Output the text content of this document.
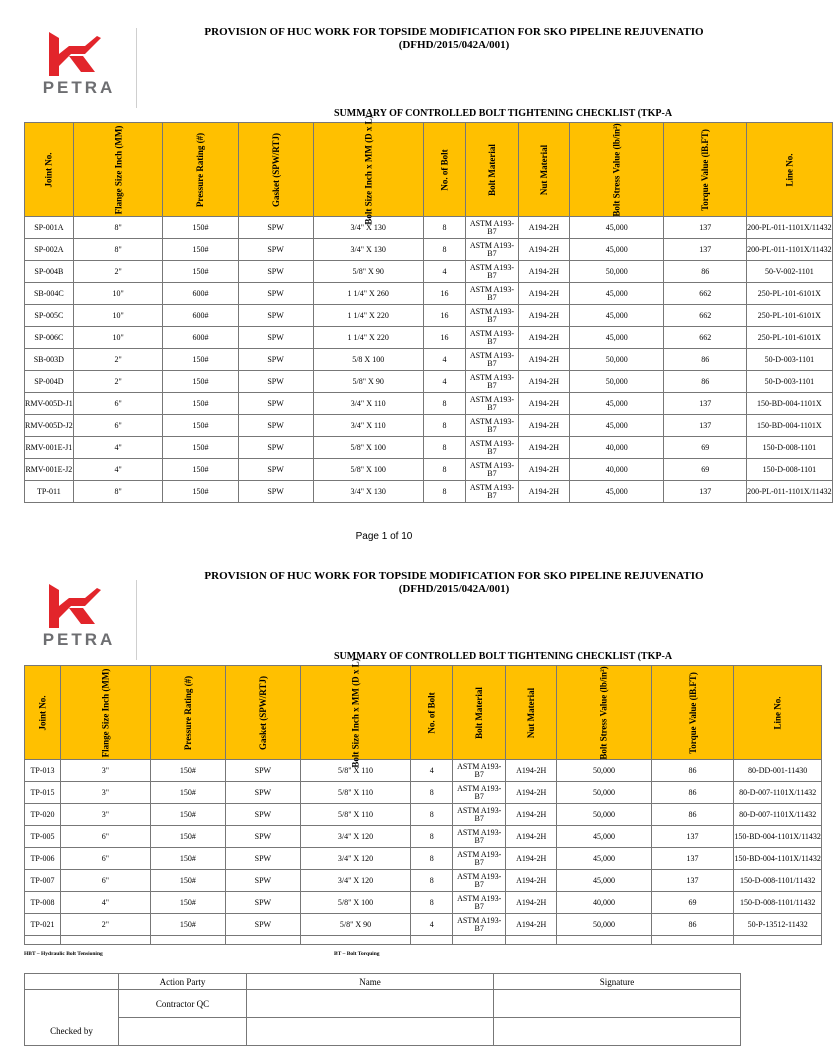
PETRA
PROVISION OF HUC WORK FOR TOPSIDE MODIFICATION FOR SKO PIPELINE REJUVENATIO
(DFHD/2015/042A/001)
SUMMARY OF CONTROLLED BOLT TIGHTENING CHECKLIST (TKP-A
Joint No.	Flange Size Inch (MM)	Pressure Rating (#)	Gasket (SPW/RTJ)	Bolt Size Inch x MM (D x L)	No. of Bolt	Bolt Material	Nut Material	Bolt Stress Value (lb/in²)	Torque Value (lB.FT)	Line No.
SP-001A	8"	150#	SPW	3/4" X 130	8	ASTM A193-B7	A194-2H	45,000	137	200-PL-011-1101X/11432
SP-002A	8"	150#	SPW	3/4" X 130	8	ASTM A193-B7	A194-2H	45,000	137	200-PL-011-1101X/11432
SP-004B	2"	150#	SPW	5/8" X 90	4	ASTM A193-B7	A194-2H	50,000	86	50-V-002-1101
SB-004C	10"	600#	SPW	1 1/4" X 260	16	ASTM A193-B7	A194-2H	45,000	662	250-PL-101-6101X
SP-005C	10"	600#	SPW	1 1/4" X 220	16	ASTM A193-B7	A194-2H	45,000	662	250-PL-101-6101X
SP-006C	10"	600#	SPW	1 1/4" X 220	16	ASTM A193-B7	A194-2H	45,000	662	250-PL-101-6101X
SB-003D	2"	150#	SPW	5/8 X 100	4	ASTM A193-B7	A194-2H	50,000	86	50-D-003-1101
SP-004D	2"	150#	SPW	5/8" X 90	4	ASTM A193-B7	A194-2H	50,000	86	50-D-003-1101
RMV-005D-J1	6"	150#	SPW	3/4" X 110	8	ASTM A193-B7	A194-2H	45,000	137	150-BD-004-1101X
RMV-005D-J2	6"	150#	SPW	3/4" X 110	8	ASTM A193-B7	A194-2H	45,000	137	150-BD-004-1101X
RMV-001E-J1	4"	150#	SPW	5/8" X 100	8	ASTM A193-B7	A194-2H	40,000	69	150-D-008-1101
RMV-001E-J2	4"	150#	SPW	5/8" X 100	8	ASTM A193-B7	A194-2H	40,000	69	150-D-008-1101
TP-011	8"	150#	SPW	3/4" X 130	8	ASTM A193-B7	A194-2H	45,000	137	200-PL-011-1101X/11432
Page 1 of 10
PETRA
PROVISION OF HUC WORK FOR TOPSIDE MODIFICATION FOR SKO PIPELINE REJUVENATIO
(DFHD/2015/042A/001)
SUMMARY OF CONTROLLED BOLT TIGHTENING CHECKLIST (TKP-A
Joint No.	Flange Size Inch (MM)	Pressure Rating (#)	Gasket (SPW/RTJ)	Bolt Size Inch x MM (D x L)	No. of Bolt	Bolt Material	Nut Material	Bolt Stress Value (lb/in²)	Torque Value (lB.FT)	Line No.
TP-013	3"	150#	SPW	5/8" X 110	4	ASTM A193-B7	A194-2H	50,000	86	80-DD-001-11430
TP-015	3"	150#	SPW	5/8" X 110	8	ASTM A193-B7	A194-2H	50,000	86	80-D-007-1101X/11432
TP-020	3"	150#	SPW	5/8" X 110	8	ASTM A193-B7	A194-2H	50,000	86	80-D-007-1101X/11432
TP-005	6"	150#	SPW	3/4" X 120	8	ASTM A193-B7	A194-2H	45,000	137	150-BD-004-1101X/11432
TP-006	6"	150#	SPW	3/4" X 120	8	ASTM A193-B7	A194-2H	45,000	137	150-BD-004-1101X/11432
TP-007	6"	150#	SPW	3/4" X 120	8	ASTM A193-B7	A194-2H	45,000	137	150-D-008-1101/11432
TP-008	4"	150#	SPW	5/8" X 100	8	ASTM A193-B7	A194-2H	40,000	69	150-D-008-1101/11432
TP-021	2"	150#	SPW	5/8" X 90	4	ASTM A193-B7	A194-2H	50,000	86	50-P-13512-11432

HBT – Hydraulic Bolt Tensioning	BT – Bolt Torquing
	Action Party	Name	Signature
Checked by	Contractor QC		
